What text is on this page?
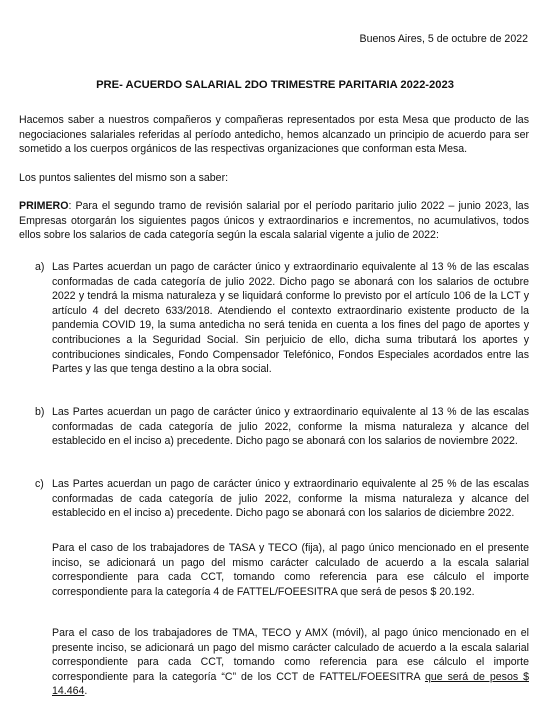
Buenos Aires, 5 de octubre de 2022
PRE- ACUERDO SALARIAL 2DO TRIMESTRE PARITARIA 2022-2023

Hacemos saber a nuestros compañeros y compañeras representados por esta Mesa que producto de las negociaciones salariales referidas al período antedicho, hemos alcanzado un principio de acuerdo para ser sometido a los cuerpos orgánicos de las respectivas organizaciones que conforman esta Mesa.

Los puntos salientes del mismo son a saber:

PRIMERO: Para el segundo tramo de revisión salarial por el período paritario julio 2022 – junio 2023, las Empresas otorgarán los siguientes pagos únicos y extraordinarios e incrementos, no acumulativos, todos ellos sobre los salarios de cada categoría según la escala salarial vigente a julio de 2022:

a) Las Partes acuerdan un pago de carácter único y extraordinario equivalente al 13 % de las escalas conformadas de cada categoría de julio 2022. Dicho pago se abonará con los salarios de octubre 2022 y tendrá la misma naturaleza y se liquidará conforme lo previsto por el artículo 106 de la LCT y artículo 4 del decreto 633/2018. Atendiendo el contexto extraordinario existente producto de la pandemia COVID 19, la suma antedicha no será tenida en cuenta a los fines del pago de aportes y contribuciones a la Seguridad Social. Sin perjuicio de ello, dicha suma tributará los aportes y contribuciones sindicales, Fondo Compensador Telefónico, Fondos Especiales acordados entre las Partes y las que tenga destino a la obra social.
b) Las Partes acuerdan un pago de carácter único y extraordinario equivalente al 13 % de las escalas conformadas de cada categoría de julio 2022, conforme la misma naturaleza y alcance del establecido en el inciso a) precedente. Dicho pago se abonará con los salarios de noviembre 2022.
c) Las Partes acuerdan un pago de carácter único y extraordinario equivalente al 25 % de las escalas conformadas de cada categoría de julio 2022, conforme la misma naturaleza y alcance del establecido en el inciso a) precedente. Dicho pago se abonará con los salarios de diciembre 2022.

Para el caso de los trabajadores de TASA y TECO (fija), al pago único mencionado en el presente inciso, se adicionará un pago del mismo carácter calculado de acuerdo a la escala salarial correspondiente para cada CCT, tomando como referencia para ese cálculo el importe correspondiente para la categoría 4 de FATTEL/FOEESITRA que será de pesos $ 20.192.

Para el caso de los trabajadores de TMA, TECO y AMX (móvil), al pago único mencionado en el presente inciso, se adicionará un pago del mismo carácter calculado de acuerdo a la escala salarial correspondiente para cada CCT, tomando como referencia para ese cálculo el importe correspondiente para la categoría “C” de los CCT de FATTEL/FOEESITRA que será de pesos $ 14.464.
